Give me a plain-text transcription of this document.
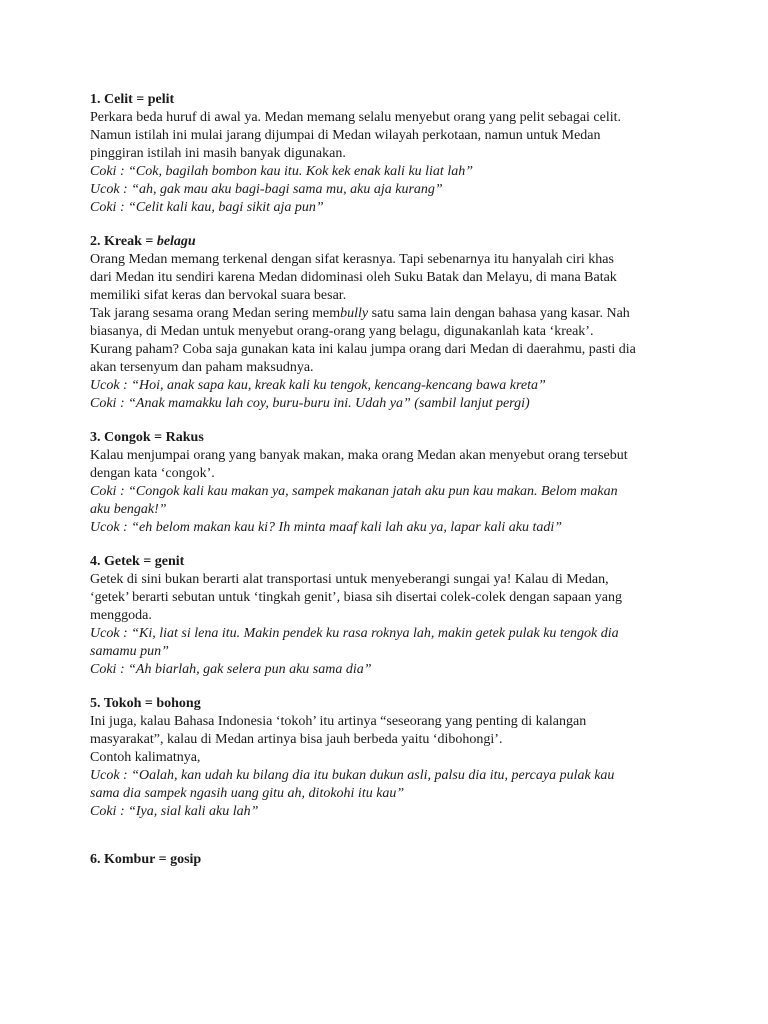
1. Celit = pelit
Perkara beda huruf di awal ya. Medan memang selalu menyebut orang yang pelit sebagai celit.
Namun istilah ini mulai jarang dijumpai di Medan wilayah perkotaan, namun untuk Medan
pinggiran istilah ini masih banyak digunakan.
Coki : “Cok, bagilah bombon kau itu. Kok kek enak kali ku liat lah”
Ucok : “ah, gak mau aku bagi-bagi sama mu, aku aja kurang”
Coki : “Celit kali kau, bagi sikit aja pun”
2. Kreak = belagu
Orang Medan memang terkenal dengan sifat kerasnya. Tapi sebenarnya itu hanyalah ciri khas
dari Medan itu sendiri karena Medan didominasi oleh Suku Batak dan Melayu, di mana Batak
memiliki sifat keras dan bervokal suara besar.
Tak jarang sesama orang Medan sering membully satu sama lain dengan bahasa yang kasar. Nah
biasanya, di Medan untuk menyebut orang-orang yang belagu, digunakanlah kata ‘kreak’.
Kurang paham? Coba saja gunakan kata ini kalau jumpa orang dari Medan di daerahmu, pasti dia
akan tersenyum dan paham maksudnya.
Ucok : “Hoi, anak sapa kau, kreak kali ku tengok, kencang-kencang bawa kreta”
Coki : “Anak mamakku lah coy, buru-buru ini. Udah ya” (sambil lanjut pergi)
3. Congok = Rakus
Kalau menjumpai orang yang banyak makan, maka orang Medan akan menyebut orang tersebut
dengan kata ‘congok’.
Coki : “Congok kali kau makan ya, sampek makanan jatah aku pun kau makan. Belom makan
aku bengak!”
Ucok : “eh belom makan kau ki? Ih minta maaf kali lah aku ya, lapar kali aku tadi”
4. Getek = genit
Getek di sini bukan berarti alat transportasi untuk menyeberangi sungai ya! Kalau di Medan,
‘getek’ berarti sebutan untuk ‘tingkah genit’, biasa sih disertai colek-colek dengan sapaan yang
menggoda.
Ucok : “Ki, liat si lena itu. Makin pendek ku rasa roknya lah, makin getek pulak ku tengok dia
samamu pun”
Coki : “Ah biarlah, gak selera pun aku sama dia”
5. Tokoh = bohong
Ini juga, kalau Bahasa Indonesia ‘tokoh’ itu artinya “seseorang yang penting di kalangan
masyarakat”, kalau di Medan artinya bisa jauh berbeda yaitu ‘dibohongi’.
Contoh kalimatnya,
Ucok : “Oalah, kan udah ku bilang dia itu bukan dukun asli, palsu dia itu, percaya pulak kau
sama dia sampek ngasih uang gitu ah, ditokohi itu kau”
Coki : “Iya, sial kali aku lah”
6. Kombur = gosip
